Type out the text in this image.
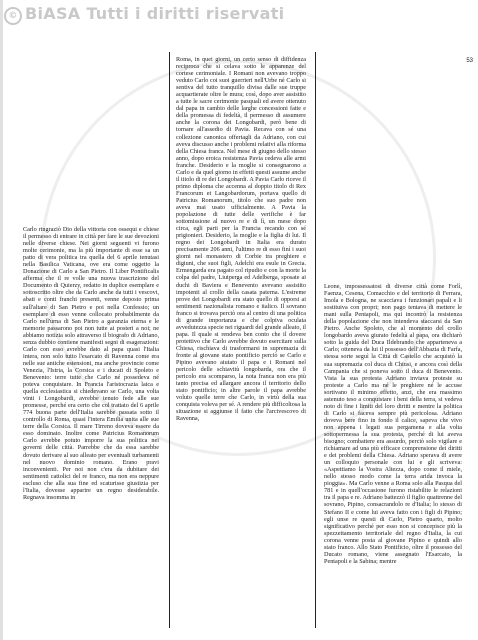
© BiASA Tutti i diritti riservati
53
Carlo ringraziò Dio della vittoria con ossequi e chiese il permesso di entrare in città per fare le sue devozioni nelle diverse chiese. Nei giorni seguenti vi furono molte cerimonie, ma la più importante di esse sa un patto di vera politica tra quella del 6 aprile tenutasi nella Basilica Vaticana, ove era come oggetto la Donazione di Carlo a San Pietro. Il Liber Pontificalis afferma che il re volle una nuova trascrizione del Documento di Quierzy, redatto in duplice esemplare e sottoscritto oltre che da Carlo anche da tutti i vescovi, abati e conti franchi presenti, venne deposto prima sull'altare di San Pietro e poi nella Confessio; un esemplare di esso venne collocato probabilmente da Carlo nell'urna di San Pietro a garanzia eterna e le memorie passarono poi non tutte ai posteri a noi; ne abbiamo notizia solo attraverso il biografo di Adriano, senza dubbio contiene manifesti segni di esagerazioni: Carlo con esso avrebbe dato al papa quasi l'Italia intera, non solo tutto l'esarcato di Ravenna come era nelle sue antiche estensioni, ma anche provincie come Venezia, l'Istria, la Corsica e i ducati di Spoleto e Benevento: terre tutte che Carlo né possedeva né poteva conquistare. In Francia l'aristocrazia laica e quella ecclesiastica si chiedevano se Carlo, una volta vinti i Longobardi, avrebbe tenuto fede alle sue promesse, perché era certo che col trattato del 6 aprile 774 buona parte dell'Italia sarebbe passata sotto il controllo di Roma, quasi l'intera Emilia unita alle sue terre della Corsica. Il mare Tirreno doveva essere da esso dominato. Inoltre come Patricius Romanorum Carlo avrebbe potuto imporre la sua politica nei governi delle città. Parrebbe che da essa sarebbe dovuto derivare al suo alleato per eventuali turbamenti nel nuovo dominio romano. Erano pravi inconvenienti. Per noi non c'era da dubitare dei sentimenti cattolici del re franco, ma non era neppure escluso che alla sua fine ed scaturisse giustizia per l'Italia, dovesse apparire un regno desiderabile. Regnava insomma in
Roma, in quei giorni, un certo senso di diffidenza reciproca che si celava sotto le apparenze del cortese cerimoniale. I Romani non avevano troppo veduto Carlo coi suoi guerrieri nell'Urbe né Carlo si sentiva del tutto tranquillo divisa dalle sue truppe acquartierate oltre le mura; così, dopo aver assistito a tutte le sacre cerimonie pasquali ed avere ottenuto dal papa in cambio delle larghe concessioni fatte e della promessa di fedeltà, il permesso di assumere anche la corona dei Longobardi, però bene di tornare all'assedio di Pavia. Recava con sé una collezione canonica offertagli da Adriano, con cui aveva discusso anche i problemi relativi alla riforma della Chiesa franca. Nel mese di giugno dello stesso anno, dopo eroica resistenza Pavia cedeva alle armi franche. Desiderio e la moglie si consegnarono a Carlo e da quel giorno in effetti questi assume anche il titolo di re dei Longobardi. A Pavia Carlo riceve il primo diploma che accenna al doppio titolo di Rex Francorum et Langobardorum, portava quello di Patricius Romanorum, titolo che suo padre non aveva mai usato ufficialmente. A Pavia la popolazione di tutte delle verifiche è far sottomissione al nuovo re e di lì, un mese dopo circa, egli parti per la Francia recando con sé prigionieri. Desiderio, la moglie e la figlia di lui. Il regno dei Longobardi in Italia era durato precisamente 206 anni, l'ultimo re di esso finì i suoi giorni nel monastero di Corbie tra preghiere e digiuni, che suoi figli, Adelchi era esule in Grecia. Ermengarda era pagato col ripudio e con la morte la colpa del padre, Liutperga ed Adelberga, sposate ai duchi di Baviera e Benevento avevano assistito impotenti al crollo della casata paterna. L'estreme prove dei Longobardi era stato quello di opporsi ai sentimenti nazionalista romano e italico. Il sovrano franco si trovava perciò ora al centro di una politica di grande importanza e che colpiva oculata avvedutezza specie nei riguardi del grande alleato, il papa. Il quale si rendeva ben conto che il dovere protettivo che Carlo avrebbe dovuto esercitare sulla Chiesa, rischiava di trasformarsi in supremazia di fronte al giovane stato pontificio perciò se Carlo e Pipino avevano aiutato il papa e i Romani nel pericolo delle schiavitù longobarda, ora che il pericolo era scomparso, la nota franca non era più tanto precisa ed allargare ancora il territorio dello stato pontificio; in altre parole il papa avrebbe voluto quelle terre che Carlo, in virtù della sua conquista voleva per sé. A rendere più difficoltosa la situazione si aggiunse il fatto che l'arcivescovo di Ravenna,
Leone, impossessatosi di diverse città come Forlì, Faenza, Cesena, Comacchio e del territorio di Ferrara, Imola e Bologna, ne scacciava i funzionari papali e li sostituiva con propri; non pago tentava di mettere le mani sulla Pentapoli, ma qui incontrò la resistenza della popolazione che non intendeva staccarsi da San Pietro. Anche Spoleto, che al momento del crollo longobardo aveva giurato fedeltà al papa, ora dichiarò sotto la guida del Duca Ildebrando che apparteneva a Carlo; otteneva da lui il possesso dell'Abbazia di Farfa, stessa sorte seguì la Città di Castello che acquistò la sua supremazia col duca di Chiusi, e ancora così della Campania che si poneva sotto il duca di Benevento. Vista la sua protesta Adriano inviava proteste su proteste a Carlo ma né le preghiere né le accuse sortivano il minimo effetto, anzi, che era massimo astenuto teso a conquistare i beni della terra, si vedeva noto di fine i limiti del loro diritti e mentre la politica di Carlo si faceva sempre più pericolosa. Adriano doveva bere fino in fondo il calice, sapeva che vivo non appena i legati sua pergamena e alla volta sottopermessa la sua protesta, perché di lui aveva bisogno; combattere era assurdo, perciò solo vigilare e richiamare ad una più efficace comprensione dei diritti e dei problemi della Chiesa. Adriano sperava di avere un colloquio personale con lui e gli scriveva: «Aspettiamo la Vostra Altezza, dopo come il miele, nello stesso modo come la terra arida invoca la pioggia». Ma Carlo venne a Roma solo alla Pasqua del 781 e in quell'occasione furono ristabilite le relazioni tra il papa e re. Adriano battezzò il figlio quattrenne del sovrano, Pipino, consacrandolo re d'Italia; lo stesso di Stefano II e come lui aveva fatto con i figli di Pipino; egli unse re questi di Carlo, Pietro quarto, molto significativo perché per esso non si concepisce più la spezzettamento territoriale del regno d'Italia, la cui corona venne posta al giovane Pipino e quindi allo stato franco. Allo Stato Pontificio, oltre il possesso del Ducato romano, viene assegnato l'Esarcato, la Pentapoli e la Sabina; mentre
